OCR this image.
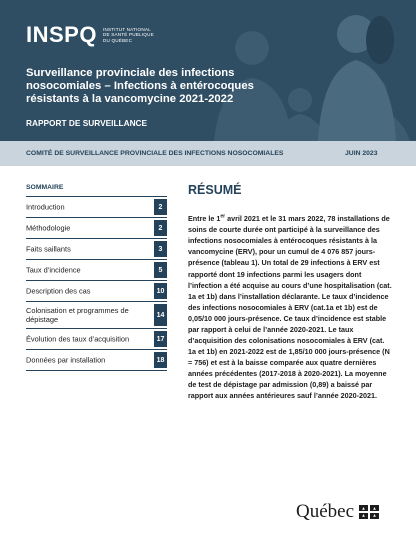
INSPQ INSTITUT NATIONAL
DE SANTÉ PUBLIQUE
DU QUÉBEC
Surveillance provinciale des infections nosocomiales – Infections à entérocoques résistants à la vancomycine 2021-2022
RAPPORT DE SURVEILLANCE
COMITÉ DE SURVEILLANCE PROVINCIALE DES INFECTIONS NOSOCOMIALES	JUIN 2023
SOMMAIRE
Introduction	2
Méthodologie	2
Faits saillants	3
Taux d’incidence	5
Description des cas	10
Colonisation et programmes de dépistage	14
Évolution des taux d’acquisition	17
Données par installation	18
RÉSUMÉ

Entre le 1er avril 2021 et le 31 mars 2022, 78 installations de soins de courte durée ont participé à la surveillance des infections nosocomiales à entérocoques résistants à la vancomycine (ERV), pour un cumul de 4 076 857 jours-présence (tableau 1). Un total de 29 infections à ERV est rapporté dont 19 infections parmi les usagers dont l’infection a été acquise au cours d’une hospitalisation (cat. 1a et 1b) dans l’installation déclarante. Le taux d’incidence des infections nosocomiales à ERV (cat.1a et 1b) est de 0,05/10 000 jours-présence. Ce taux d’incidence est stable par rapport à celui de l’année 2020-2021. Le taux d’acquisition des colonisations nosocomiales à ERV (cat. 1a et 1b) en 2021-2022 est de 1,85/10 000 jours-présence (N = 756) et est à la baisse comparée aux quatre dernières années précédentes (2017-2018 à 2020-2021). La moyenne de test de dépistage par admission (0,89) a baissé par rapport aux années antérieures sauf l’année 2020-2021.

Québec
